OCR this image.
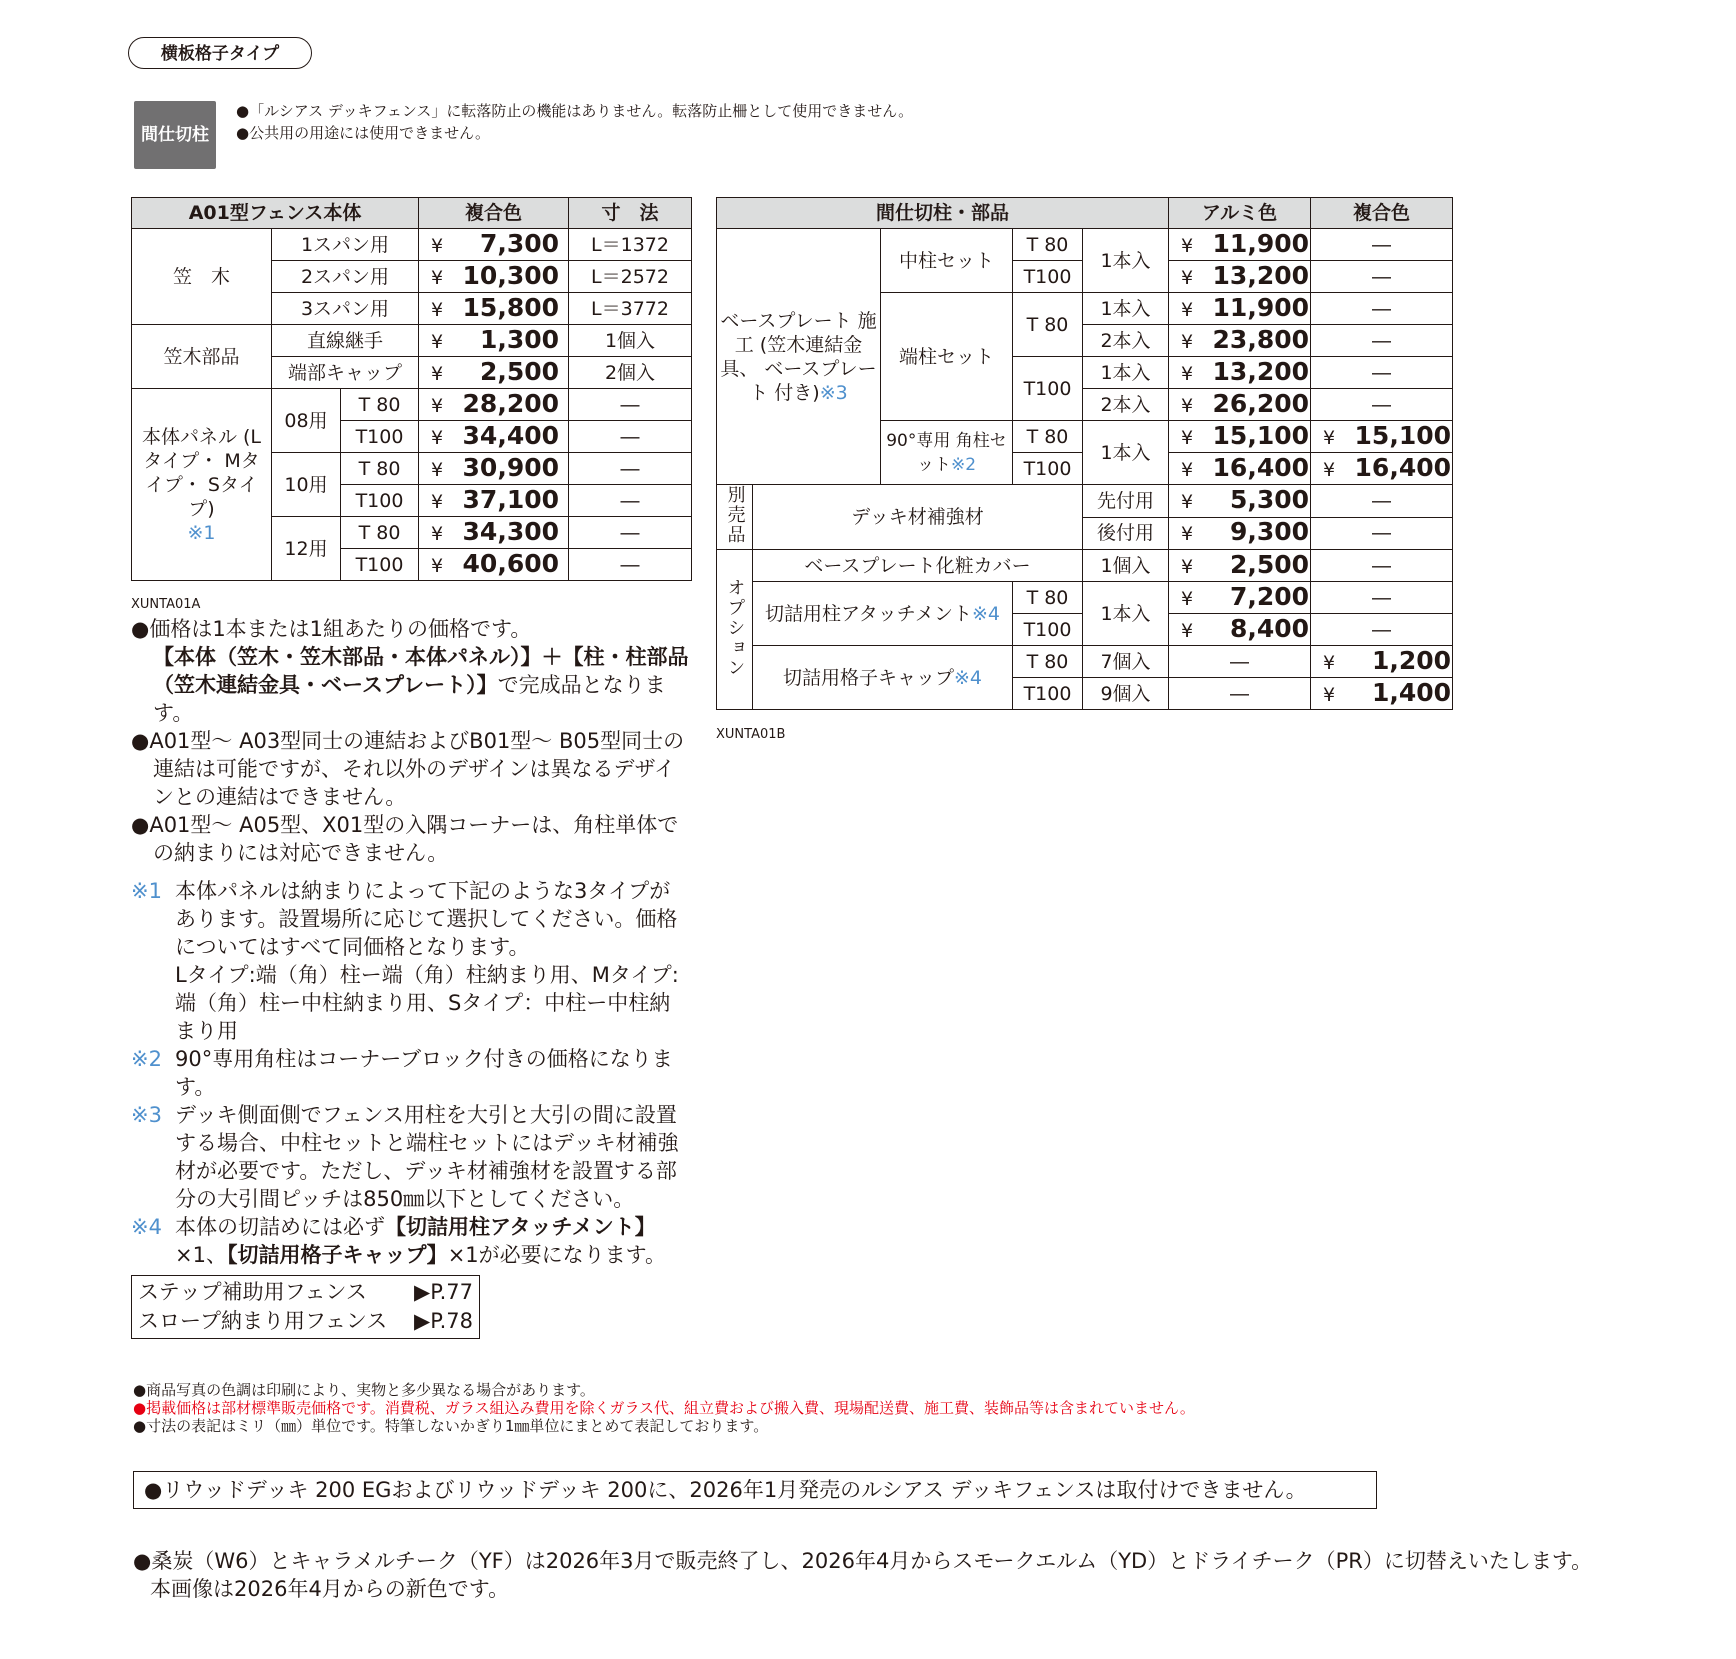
横板格子タイプ
間仕切柱
●「ルシアス デッキフェンス」に転落防止の機能はありません。転落防止柵として使用できません。
●公共用の用途には使用できません。
A01型フェンス本体			複合色	寸　法
笠　木	1スパン用		¥ 7,300	L＝1372
	2スパン用		¥ 10,300	L＝2572
	3スパン用		¥ 15,800	L＝3772
笠木部品	直線継手		¥ 1,300	1個入
	端部キャップ		¥ 2,500	2個入
本体パネル (Lタイプ・ Mタイプ・ Sタイプ)
※1	08用	T 80	¥ 28,200	―
		T100	¥ 34,400	―
	10用	T 80	¥ 30,900	―
		T100	¥ 37,100	―
	12用	T 80	¥ 34,300	―
		T100	¥ 40,600	―
XUNTA01A
間仕切柱・部品					アルミ色	複合色
ベースプレート 施　工 (笠木連結金具、 ベースプレート 付き)※3		中柱セット	T 80	1本入	¥ 11,900	―
			T100		¥ 13,200	―
		端柱セット	T 80	1本入	¥ 11,900	―
				2本入	¥ 23,800	―
			T100	1本入	¥ 13,200	―
				2本入	¥ 26,200	―
		90°専用 角柱セット※2	T 80	1本入	¥ 15,100	¥ 15,100
			T100		¥ 16,400	¥ 16,400
別売品	デッキ材補強材			先付用	¥ 5,300	―
				後付用	¥ 9,300	―
オプション	ベースプレート化粧カバー			1個入	¥ 2,500	―
	切詰用柱アタッチメント※4		T 80	1本入	¥ 7,200	―
			T100		¥ 8,400	―
	切詰用格子キャップ※4		T 80	7個入	―	¥ 1,200
			T100	9個入	―	¥ 1,400
XUNTA01B

●価格は1本または1組あたりの価格です。
【本体（笠木・笠木部品・本体パネル）】＋【柱・柱部品（笠木連結金具・ベースプレート）】で完成品となります。

●A01型～ A03型同士の連結およびB01型～ B05型同士の連結は可能ですが、それ以外のデザインは異なるデザインとの連結はできません。

●A01型～ A05型、X01型の入隅コーナーは、角柱単体での納まりには対応できません。

※1 本体パネルは納まりによって下記のような3タイプがあります。設置場所に応じて選択してください。価格についてはすべて同価格となります。
Lタイプ:端（角）柱ー端（角）柱納まり用、Mタイプ:端（角）柱ー中柱納まり用、Sタイプ：中柱ー中柱納まり用

※2 90°専用角柱はコーナーブロック付きの価格になります。

※3 デッキ側面側でフェンス用柱を大引と大引の間に設置する場合、中柱セットと端柱セットにはデッキ材補強材が必要です。ただし、デッキ材補強材を設置する部分の大引間ピッチは850㎜以下としてください。

※4 本体の切詰めには必ず【切詰用柱アタッチメント】×1、【切詰用格子キャップ】×1が必要になります。

ステップ補助用フェンス ▶P.77
スロープ納まり用フェンス ▶P.78
●商品写真の色調は印刷により、実物と多少異なる場合があります。
●掲載価格は部材標準販売価格です。消費税、ガラス組込み費用を除くガラス代、組立費および搬入費、現場配送費、施工費、装飾品等は含まれていません。
●寸法の表記はミリ（㎜）単位です。特筆しないかぎり1㎜単位にまとめて表記しております。
●リウッドデッキ 200 EGおよびリウッドデッキ 200に、2026年1月発売のルシアス デッキフェンスは取付けできません。
●桑炭（W6）とキャラメルチーク（YF）は2026年3月で販売終了し、2026年4月からスモークエルム（YD）とドライチーク（PR）に切替えいたします。
本画像は2026年4月からの新色です。
